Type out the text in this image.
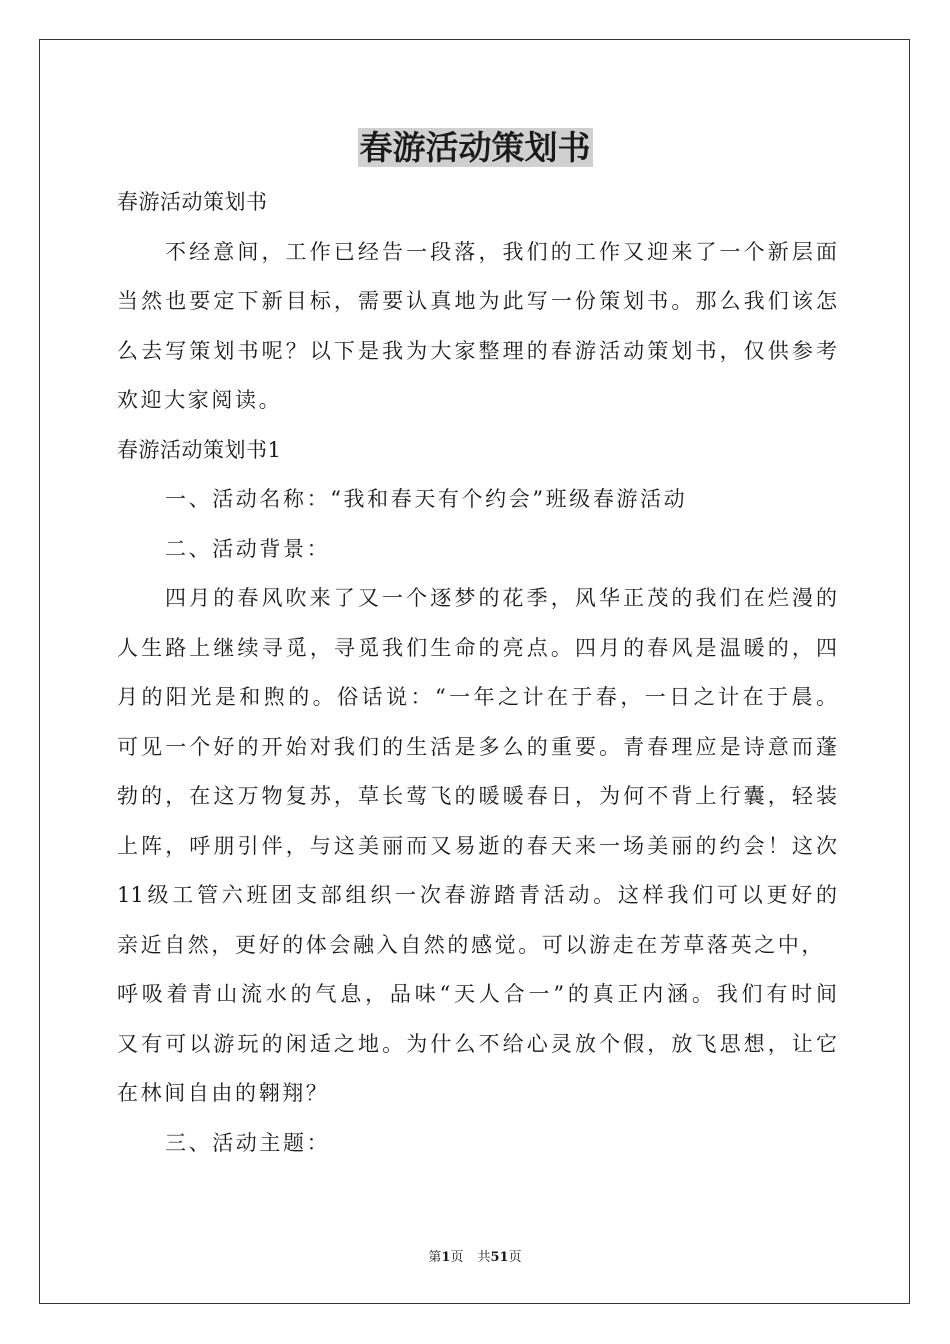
春游活动策划书
春游活动策划书
不经意间，工作已经告一段落，我们的工作又迎来了一个新层面
当然也要定下新目标，需要认真地为此写一份策划书。那么我们该怎
么去写策划书呢？以下是我为大家整理的春游活动策划书，仅供参考
欢迎大家阅读。
春游活动策划书1
一、活动名称：“我和春天有个约会”班级春游活动
二、活动背景：
四月的春风吹来了又一个逐梦的花季，风华正茂的我们在烂漫的
人生路上继续寻觅，寻觅我们生命的亮点。四月的春风是温暖的，四
月的阳光是和煦的。俗话说：“一年之计在于春，一日之计在于晨。
可见一个好的开始对我们的生活是多么的重要。青春理应是诗意而蓬
勃的，在这万物复苏，草长莺飞的暖暖春日，为何不背上行囊，轻装
上阵，呼朋引伴，与这美丽而又易逝的春天来一场美丽的约会！这次
11级工管六班团支部组织一次春游踏青活动。这样我们可以更好的
亲近自然，更好的体会融入自然的感觉。可以游走在芳草落英之中，
呼吸着青山流水的气息，品味“天人合一”的真正内涵。我们有时间
又有可以游玩的闲适之地。为什么不给心灵放个假，放飞思想，让它
在林间自由的翱翔？
三、活动主题：
第1页 共51页
